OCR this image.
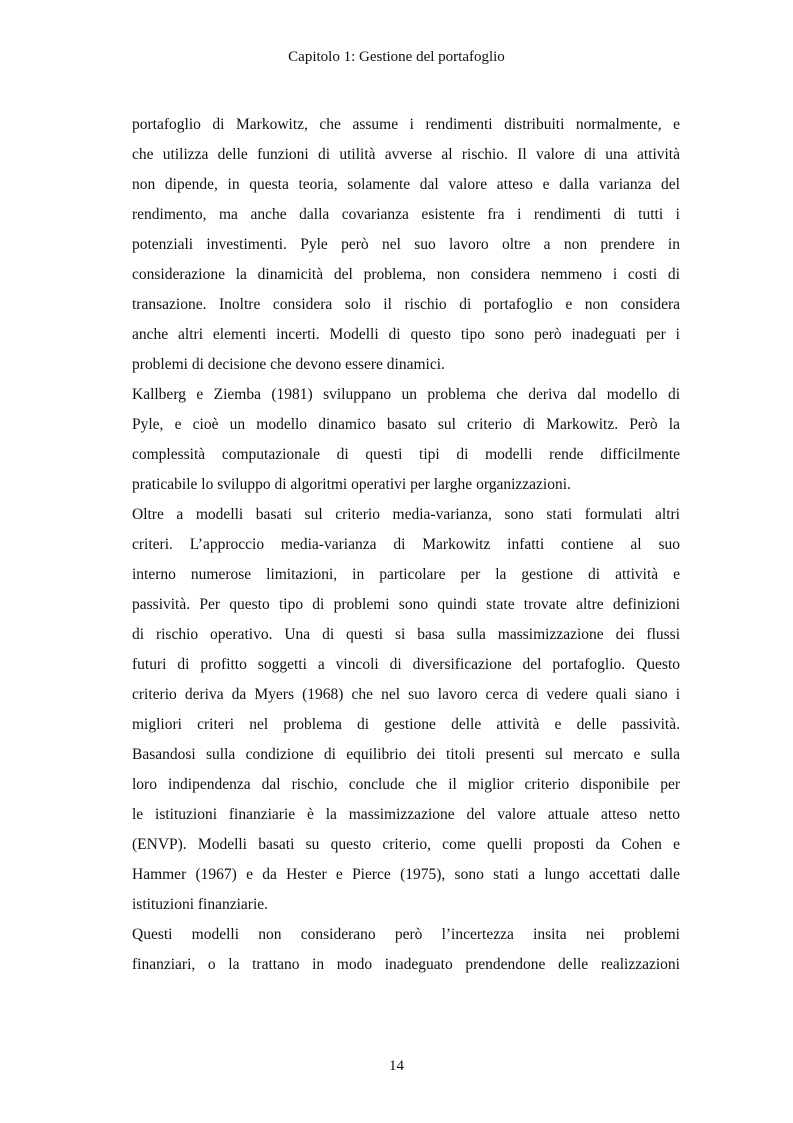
Capitolo 1: Gestione del portafoglio

portafoglio di Markowitz, che assume i rendimenti distribuiti normalmente, e
che utilizza delle funzioni di utilità avverse al rischio. Il valore di una attività
non dipende, in questa teoria, solamente dal valore atteso e dalla varianza del
rendimento, ma anche dalla covarianza esistente fra i rendimenti di tutti i
potenziali investimenti. Pyle però nel suo lavoro oltre a non prendere in
considerazione la dinamicità del problema, non considera nemmeno i costi di
transazione. Inoltre considera solo il rischio di portafoglio e non considera
anche altri elementi incerti. Modelli di questo tipo sono però inadeguati per i
problemi di decisione che devono essere dinamici.

Kallberg e Ziemba (1981) sviluppano un problema che deriva dal modello di
Pyle, e cioè un modello dinamico basato sul criterio di Markowitz. Però la
complessità computazionale di questi tipi di modelli rende difficilmente
praticabile lo sviluppo di algoritmi operativi per larghe organizzazioni.

Oltre a modelli basati sul criterio media-varianza, sono stati formulati altri
criteri. L’approccio media-varianza di Markowitz infatti contiene al suo
interno numerose limitazioni, in particolare per la gestione di attività e
passività. Per questo tipo di problemi sono quindi state trovate altre definizioni
di rischio operativo. Una di questi si basa sulla massimizzazione dei flussi
futuri di profitto soggetti a vincoli di diversificazione del portafoglio. Questo
criterio deriva da Myers (1968) che nel suo lavoro cerca di vedere quali siano i
migliori criteri nel problema di gestione delle attività e delle passività.
Basandosi sulla condizione di equilibrio dei titoli presenti sul mercato e sulla
loro indipendenza dal rischio, conclude che il miglior criterio disponibile per
le istituzioni finanziarie è la massimizzazione del valore attuale atteso netto
(ENVP). Modelli basati su questo criterio, come quelli proposti da Cohen e
Hammer (1967) e da Hester e Pierce (1975), sono stati a lungo accettati dalle
istituzioni finanziarie.

Questi modelli non considerano però l’incertezza insita nei problemi
finanziari, o la trattano in modo inadeguato prendendone delle realizzazioni

14
